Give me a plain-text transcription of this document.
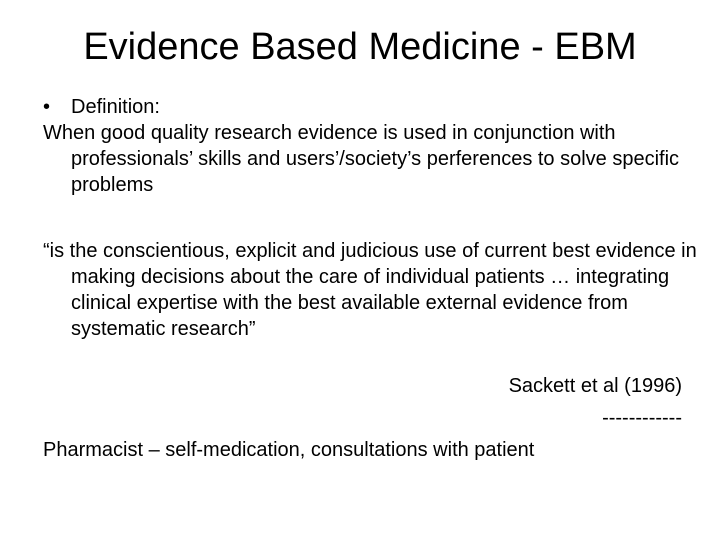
Evidence Based Medicine - EBM
• Definition:

When good quality research evidence is used in conjunction with professionals’ skills and users’/society’s perferences to solve specific problems

“is the conscientious, explicit and judicious use of current best evidence in making decisions about the care of individual patients … integrating clinical expertise with the best available external evidence from systematic research”

Sackett et al (1996)
------------
Pharmacist – self-medication, consultations with patient
